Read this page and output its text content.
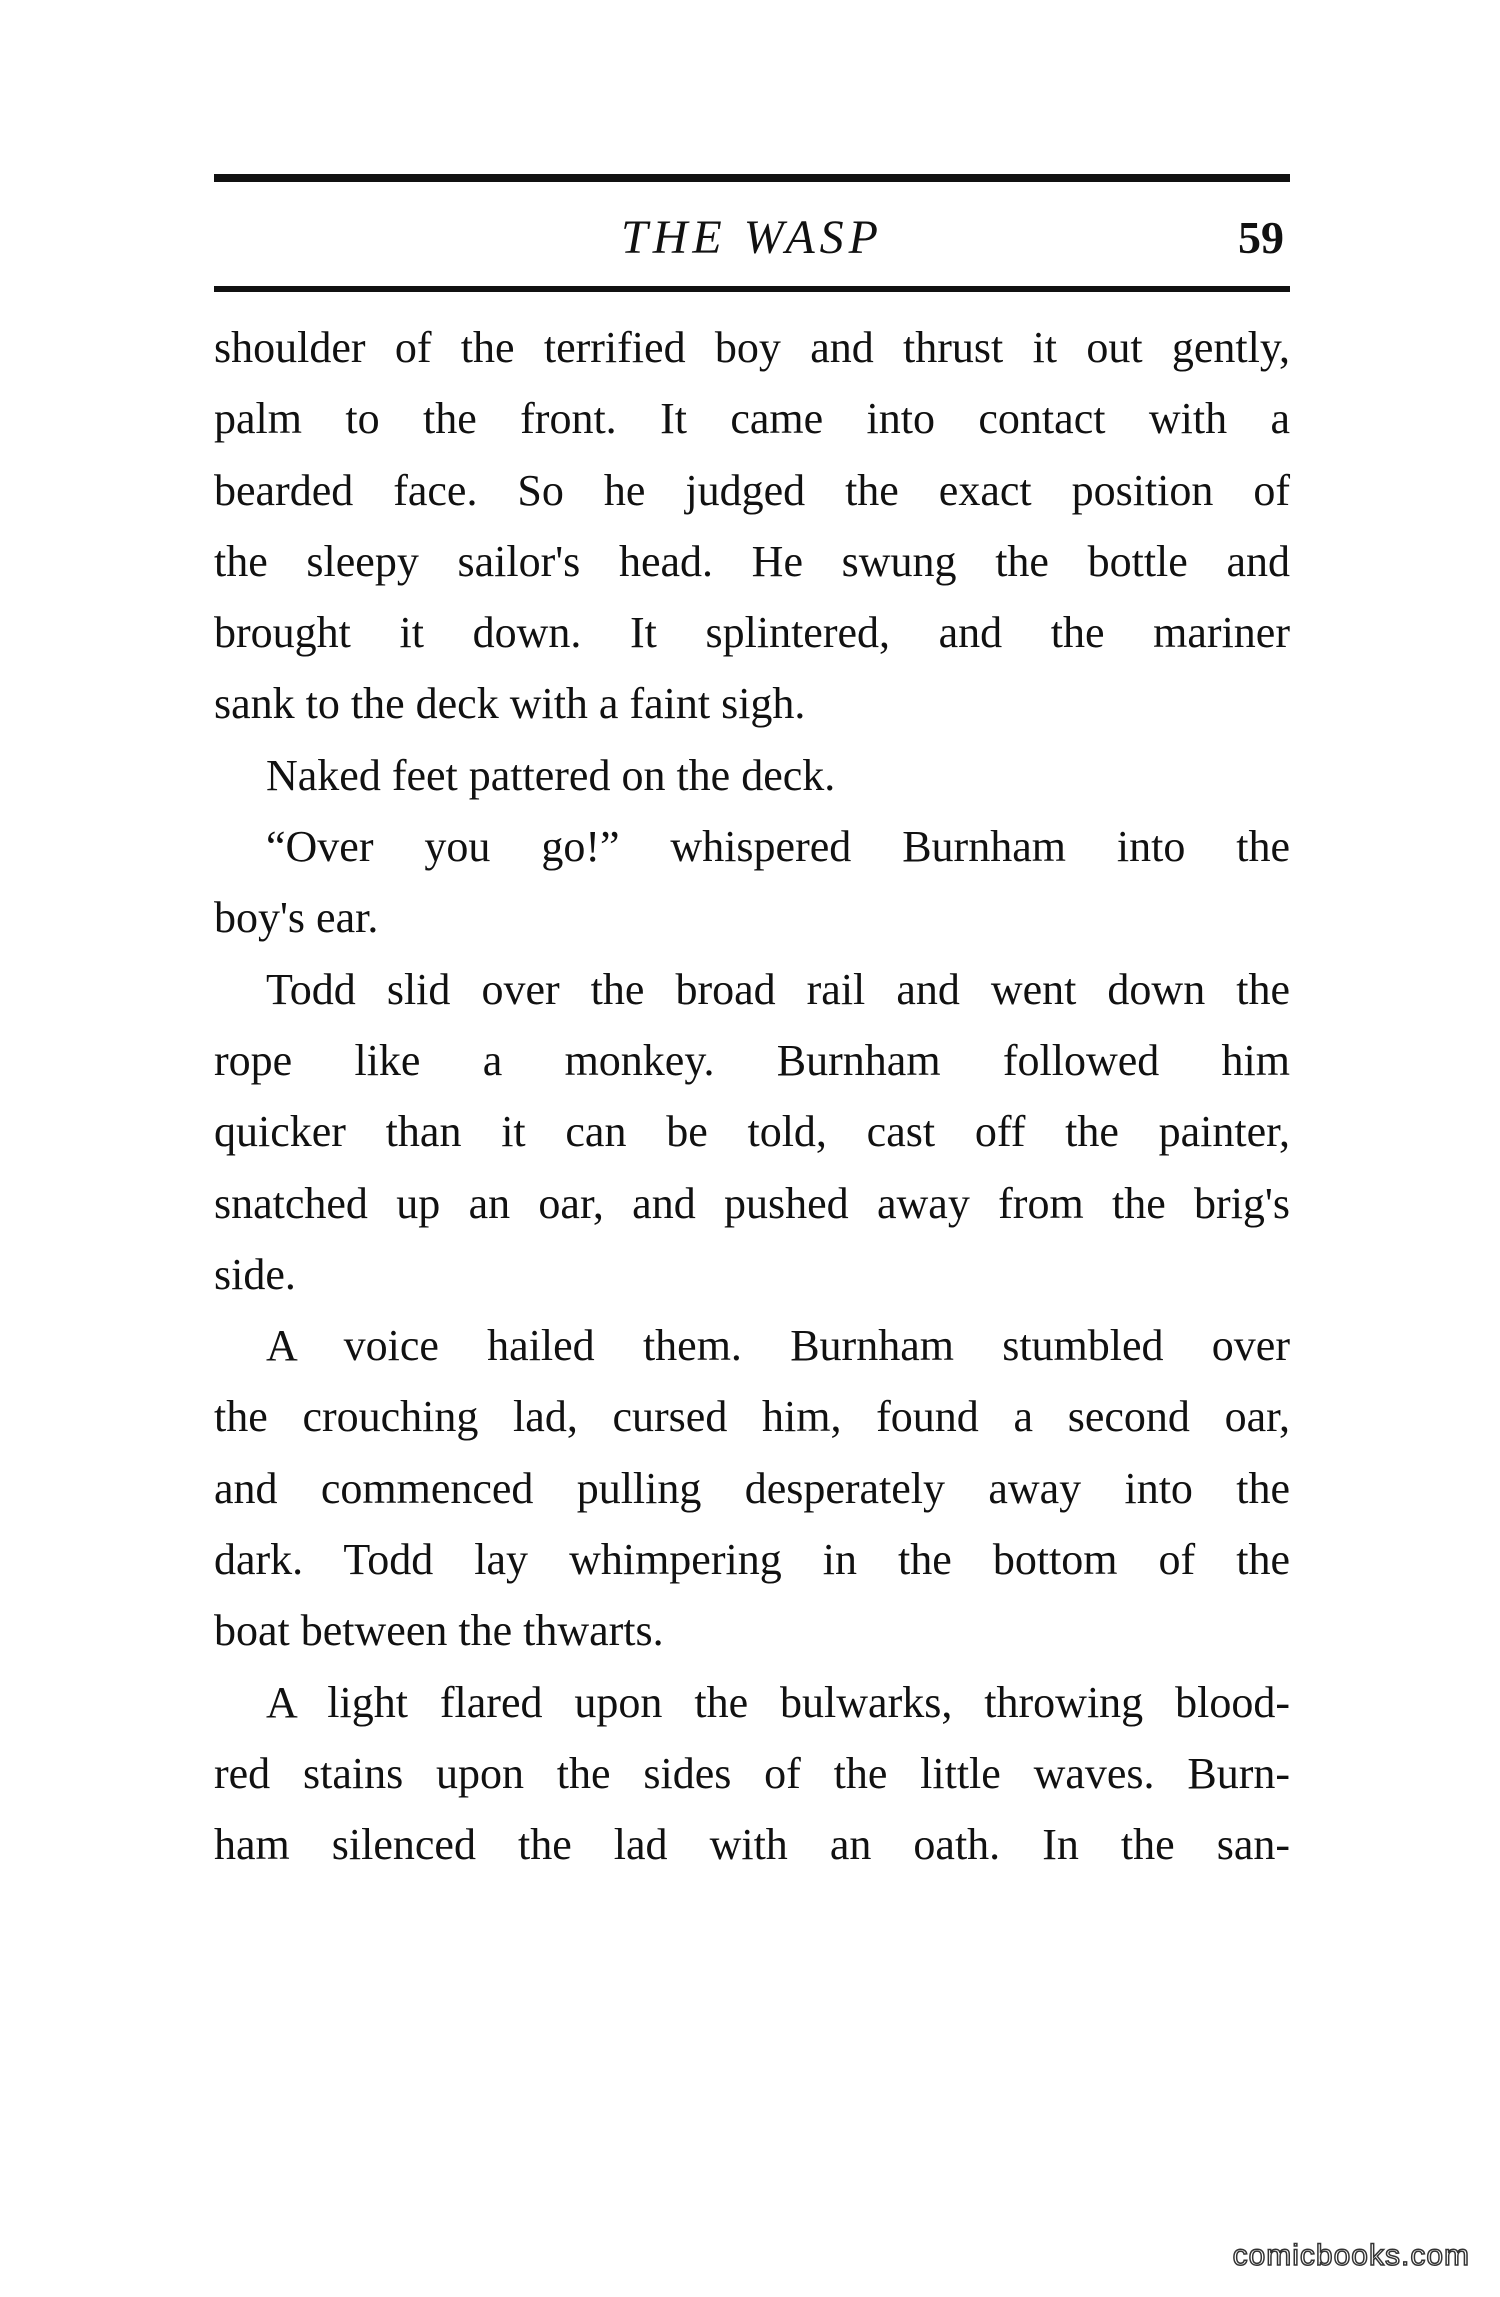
THE WASP	59
shoulder of the terrified boy and thrust it out gently,
palm to the front. It came into contact with a
bearded face. So he judged the exact position of
the sleepy sailor's head. He swung the bottle and
brought it down. It splintered, and the mariner
sank to the deck with a faint sigh.
Naked feet pattered on the deck.
“Over you go!” whispered Burnham into the
boy's ear.
Todd slid over the broad rail and went down the
rope like a monkey. Burnham followed him
quicker than it can be told, cast off the painter,
snatched up an oar, and pushed away from the brig's
side.
A voice hailed them. Burnham stumbled over
the crouching lad, cursed him, found a second oar,
and commenced pulling desperately away into the
dark. Todd lay whimpering in the bottom of the
boat between the thwarts.
A light flared upon the bulwarks, throwing blood-
red stains upon the sides of the little waves. Burn-
ham silenced the lad with an oath. In the san-
comicbooks.com
